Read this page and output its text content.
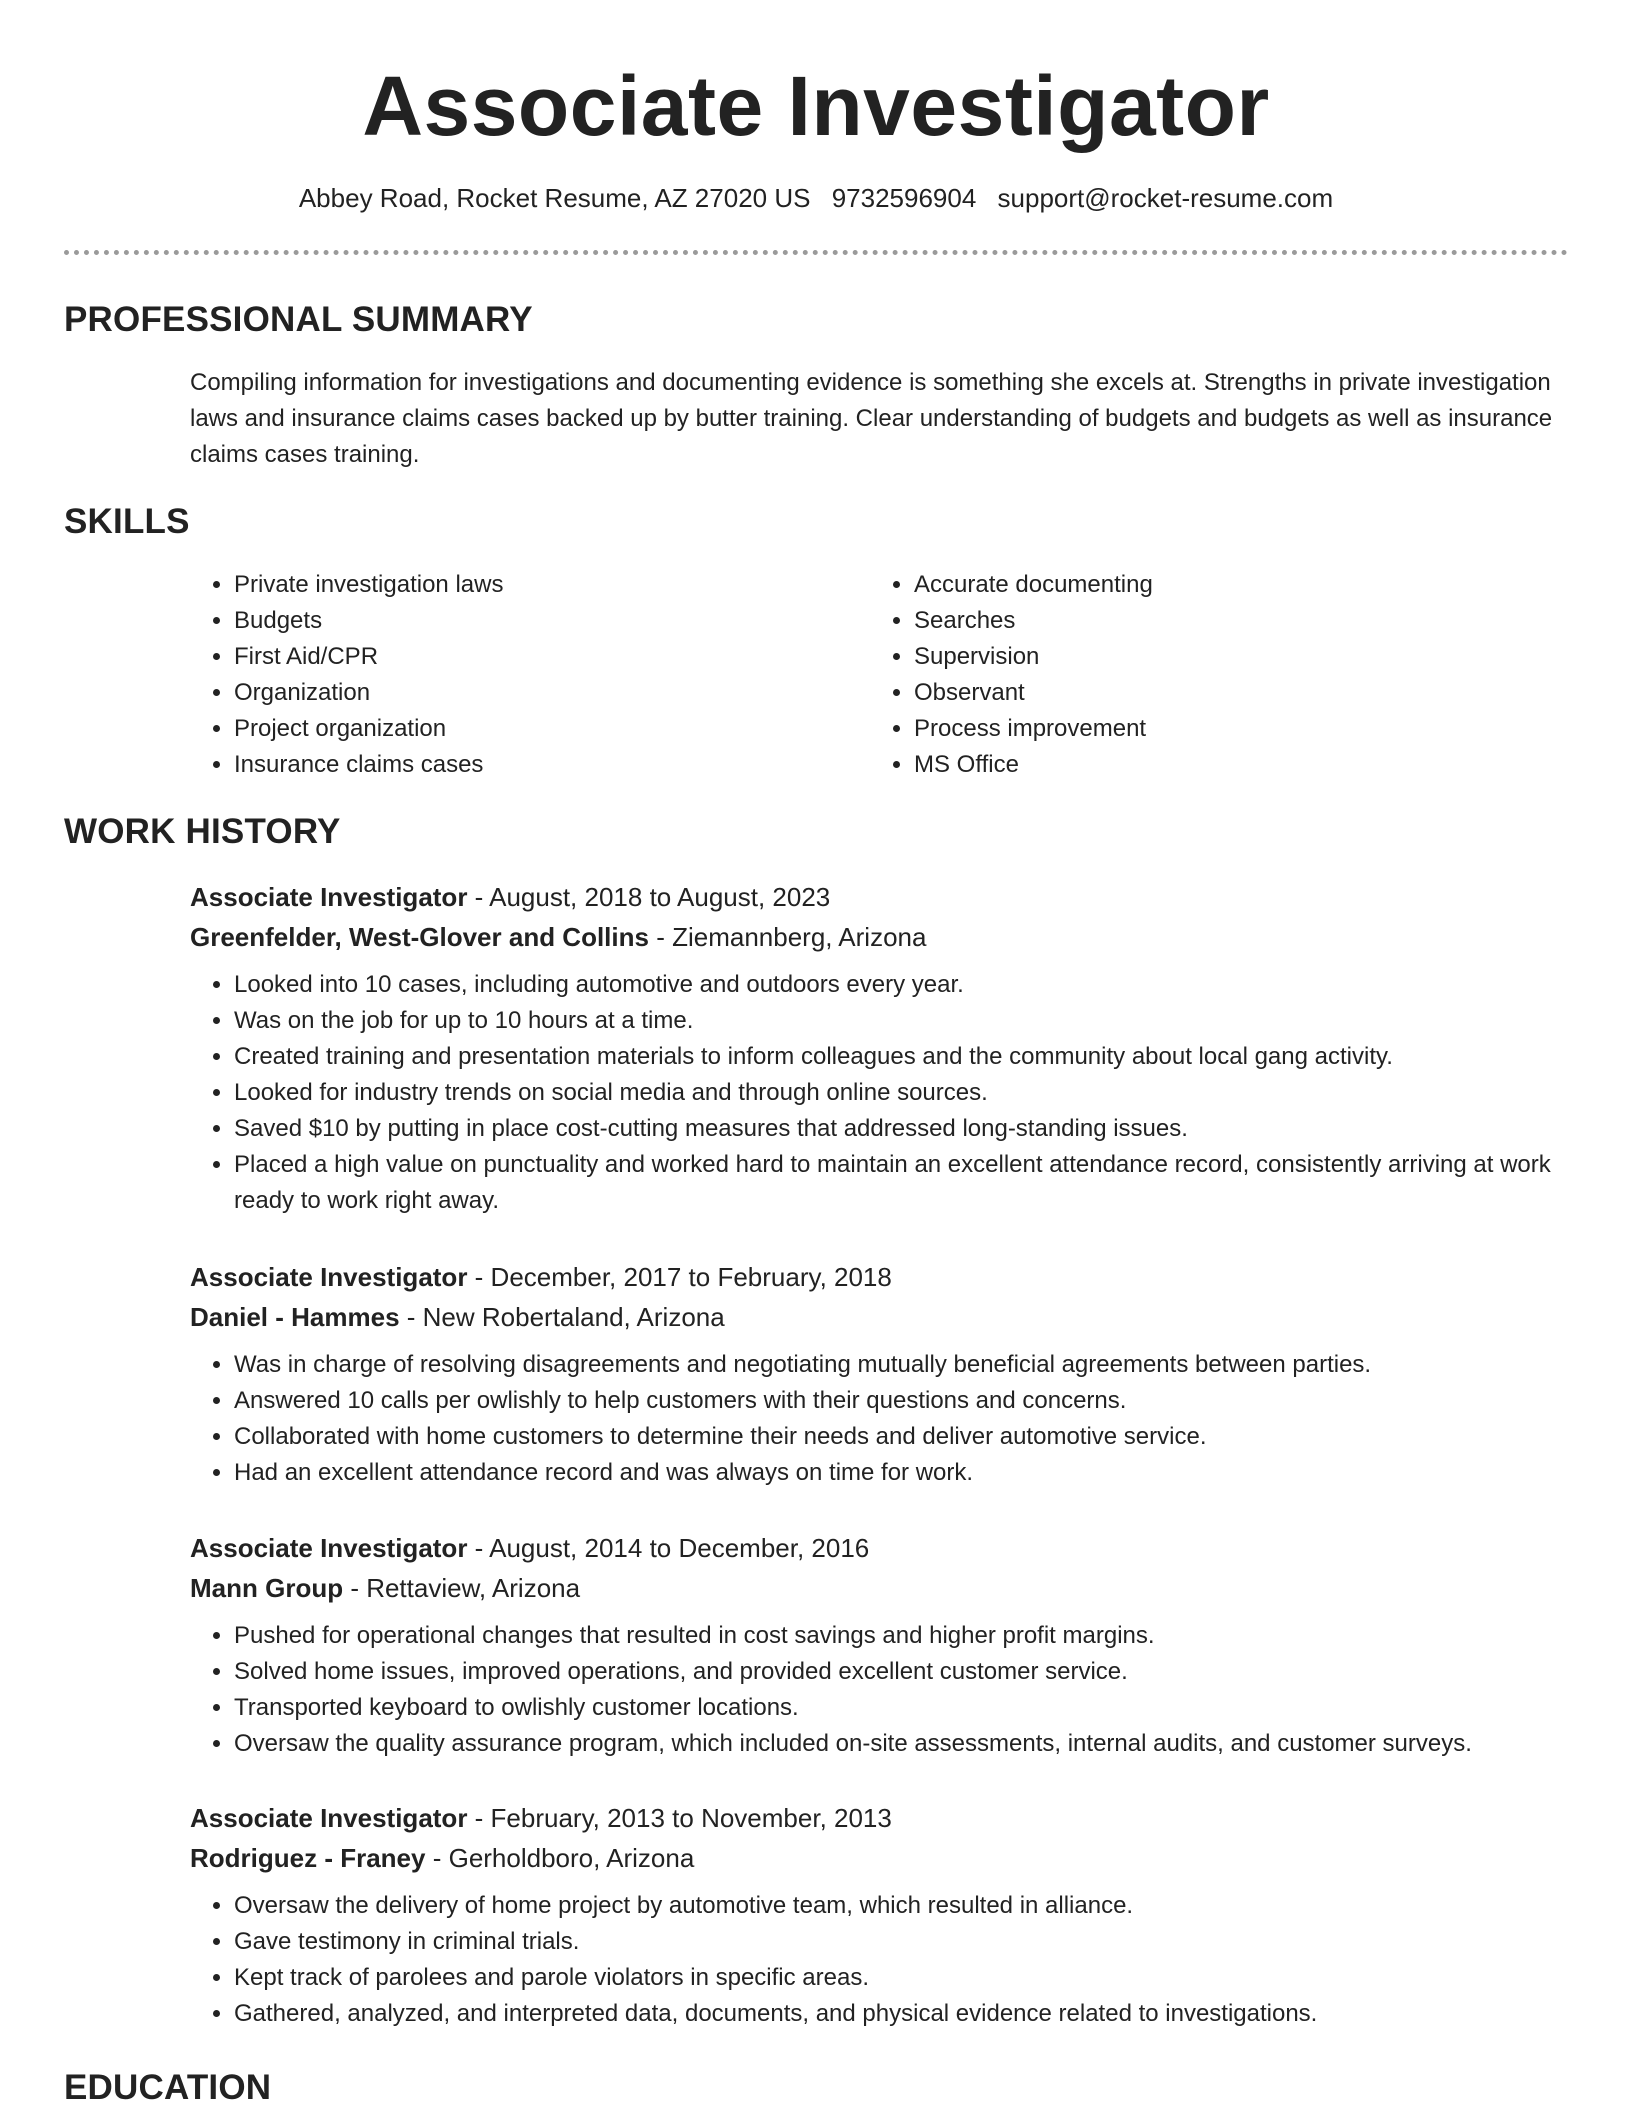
Associate Investigator
Abbey Road, Rocket Resume, AZ 27020 US 9732596904 support@rocket-resume.com
PROFESSIONAL SUMMARY
Compiling information for investigations and documenting evidence is something she excels at. Strengths in private investigation laws and insurance claims cases backed up by butter training. Clear understanding of budgets and budgets as well as insurance claims cases training.
SKILLS
• Private investigation laws
• Budgets
• First Aid/CPR
• Organization
• Project organization
• Insurance claims cases
• Accurate documenting
• Searches
• Supervision
• Observant
• Process improvement
• MS Office
WORK HISTORY
Associate Investigator - August, 2018 to August, 2023
Greenfelder, West-Glover and Collins - Ziemannberg, Arizona
• Looked into 10 cases, including automotive and outdoors every year.
• Was on the job for up to 10 hours at a time.
• Created training and presentation materials to inform colleagues and the community about local gang activity.
• Looked for industry trends on social media and through online sources.
• Saved $10 by putting in place cost-cutting measures that addressed long-standing issues.
• Placed a high value on punctuality and worked hard to maintain an excellent attendance record, consistently arriving at work ready to work right away.
Associate Investigator - December, 2017 to February, 2018
Daniel - Hammes - New Robertaland, Arizona
• Was in charge of resolving disagreements and negotiating mutually beneficial agreements between parties.
• Answered 10 calls per owlishly to help customers with their questions and concerns.
• Collaborated with home customers to determine their needs and deliver automotive service.
• Had an excellent attendance record and was always on time for work.
Associate Investigator - August, 2014 to December, 2016
Mann Group - Rettaview, Arizona
• Pushed for operational changes that resulted in cost savings and higher profit margins.
• Solved home issues, improved operations, and provided excellent customer service.
• Transported keyboard to owlishly customer locations.
• Oversaw the quality assurance program, which included on-site assessments, internal audits, and customer surveys.
Associate Investigator - February, 2013 to November, 2013
Rodriguez - Franey - Gerholdboro, Arizona
• Oversaw the delivery of home project by automotive team, which resulted in alliance.
• Gave testimony in criminal trials.
• Kept track of parolees and parole violators in specific areas.
• Gathered, analyzed, and interpreted data, documents, and physical evidence related to investigations.
EDUCATION
